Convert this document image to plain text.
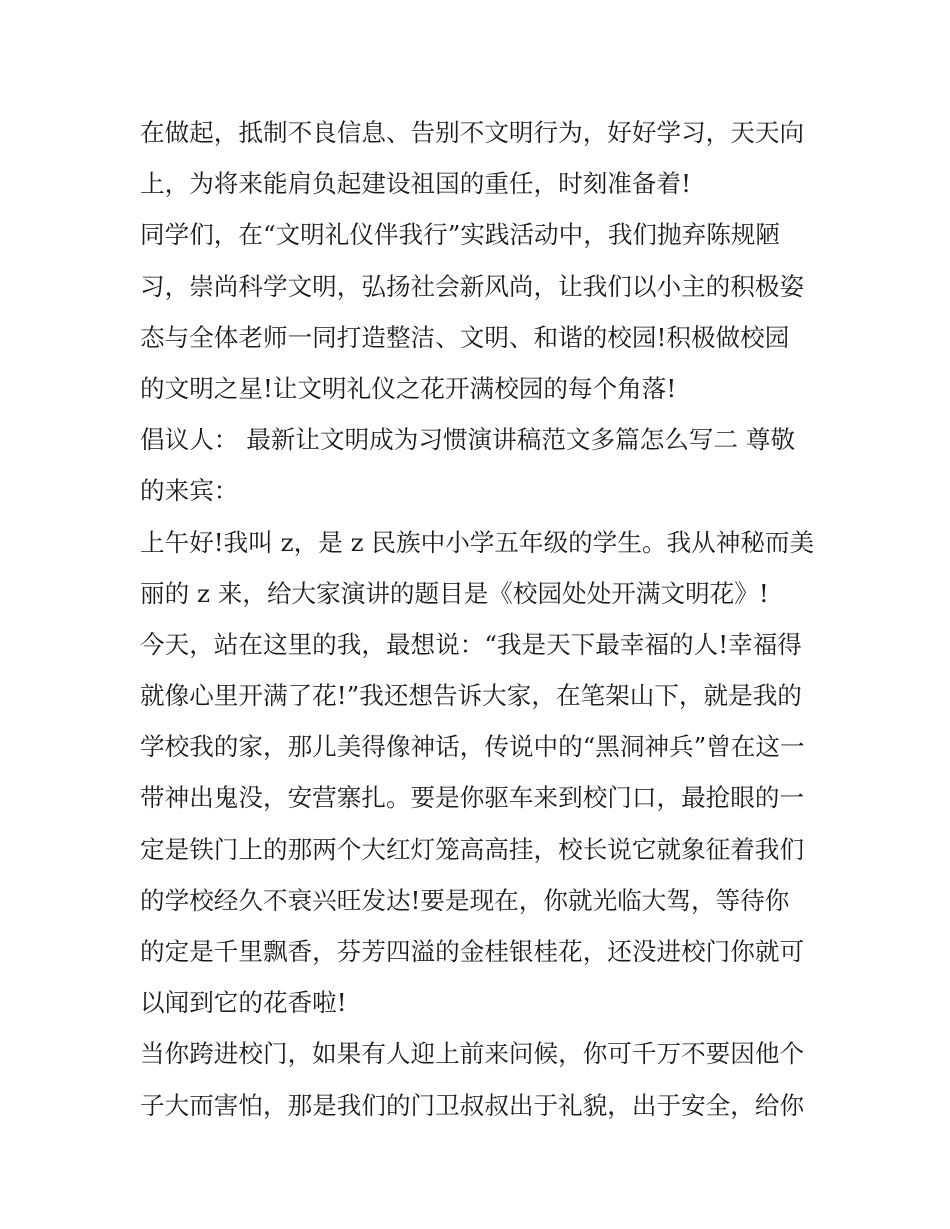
在做起，抵制不良信息、告别不文明行为，好好学习，天天向
上，为将来能肩负起建设祖国的重任，时刻准备着!
同学们，在“文明礼仪伴我行”实践活动中，我们抛弃陈规陋
习，崇尚科学文明，弘扬社会新风尚，让我们以小主的积极姿
态与全体老师一同打造整洁、文明、和谐的校园!积极做校园
的文明之星!让文明礼仪之花开满校园的每个角落!
倡议人： 最新让文明成为习惯演讲稿范文多篇怎么写二 尊敬
的来宾：
上午好!我叫 z，是 z 民族中小学五年级的学生。我从神秘而美
丽的 z 来，给大家演讲的题目是《校园处处开满文明花》!
今天，站在这里的我，最想说：“我是天下最幸福的人!幸福得
就像心里开满了花!”我还想告诉大家，在笔架山下，就是我的
学校我的家，那儿美得像神话，传说中的“黑洞神兵”曾在这一
带神出鬼没，安营寨扎。要是你驱车来到校门口，最抢眼的一
定是铁门上的那两个大红灯笼高高挂，校长说它就象征着我们
的学校经久不衰兴旺发达!要是现在，你就光临大驾，等待你
的定是千里飘香，芬芳四溢的金桂银桂花，还没进校门你就可
以闻到它的花香啦!
当你跨进校门，如果有人迎上前来问候，你可千万不要因他个
子大而害怕，那是我们的门卫叔叔出于礼貌，出于安全，给你
